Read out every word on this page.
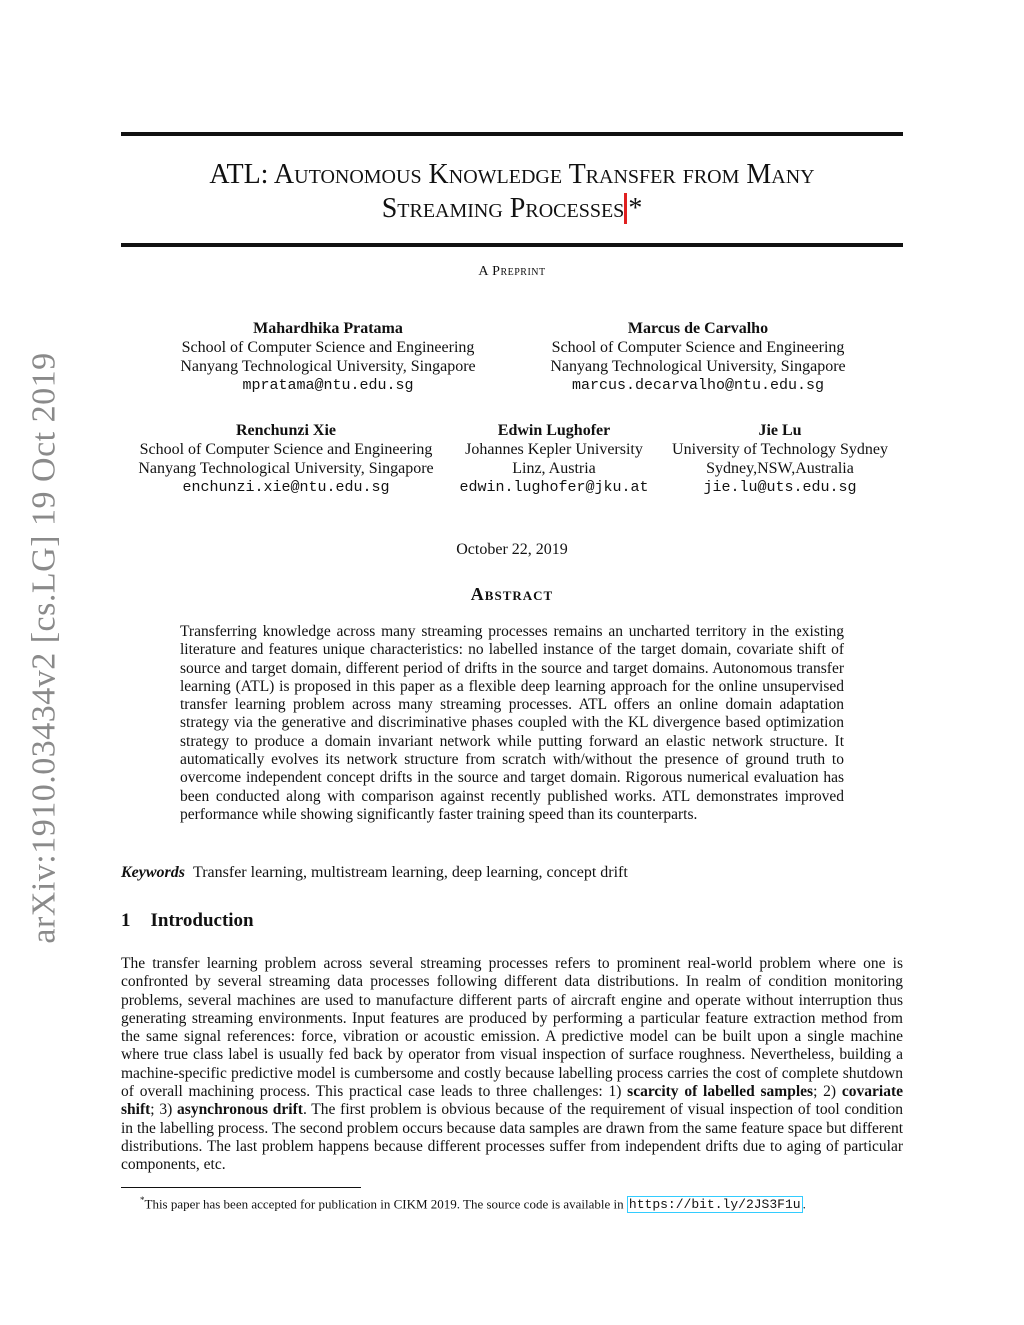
arXiv:1910.03434v2 [cs.LG] 19 Oct 2019
ATL: Autonomous Knowledge Transfer from Many
Streaming Processes *
A Preprint
Mahardhika Pratama
School of Computer Science and Engineering
Nanyang Technological University, Singapore
mpratama@ntu.edu.sg
Marcus de Carvalho
School of Computer Science and Engineering
Nanyang Technological University, Singapore
marcus.decarvalho@ntu.edu.sg
Renchunzi Xie
School of Computer Science and Engineering
Nanyang Technological University, Singapore
enchunzi.xie@ntu.edu.sg
Edwin Lughofer
Johannes Kepler University
Linz, Austria
edwin.lughofer@jku.at
Jie Lu
University of Technology Sydney
Sydney,NSW,Australia
jie.lu@uts.edu.sg
October 22, 2019
Abstract
Transferring knowledge across many streaming processes remains an uncharted territory in the existing literature and features unique characteristics: no labelled instance of the target domain, covariate shift of source and target domain, different period of drifts in the source and target domains. Autonomous transfer learning (ATL) is proposed in this paper as a flexible deep learning approach for the online unsupervised transfer learning problem across many streaming processes. ATL offers an online domain adaptation strategy via the generative and discriminative phases coupled with the KL divergence based optimization strategy to produce a domain invariant network while putting forward an elastic network structure. It automatically evolves its network structure from scratch with/without the presence of ground truth to overcome independent concept drifts in the source and target domain. Rigorous numerical evaluation has been conducted along with comparison against recently published works. ATL demonstrates improved performance while showing significantly faster training speed than its counterparts.
Keywords Transfer learning, multistream learning, deep learning, concept drift
1 Introduction
The transfer learning problem across several streaming processes refers to prominent real-world problem where one is confronted by several streaming data processes following different data distributions. In realm of condition monitoring problems, several machines are used to manufacture different parts of aircraft engine and operate without interruption thus generating streaming environments. Input features are produced by performing a particular feature extraction method from the same signal references: force, vibration or acoustic emission. A predictive model can be built upon a single machine where true class label is usually fed back by operator from visual inspection of surface roughness. Nevertheless, building a machine-specific predictive model is cumbersome and costly because labelling process carries the cost of complete shutdown of overall machining process. This practical case leads to three challenges: 1) scarcity of labelled samples; 2) covariate shift; 3) asynchronous drift. The first problem is obvious because of the requirement of visual inspection of tool condition in the labelling process. The second problem occurs because data samples are drawn from the same feature space but different distributions. The last problem happens because different processes suffer from independent drifts due to aging of particular components, etc.
*This paper has been accepted for publication in CIKM 2019. The source code is available in https://bit.ly/2JS3F1u .
